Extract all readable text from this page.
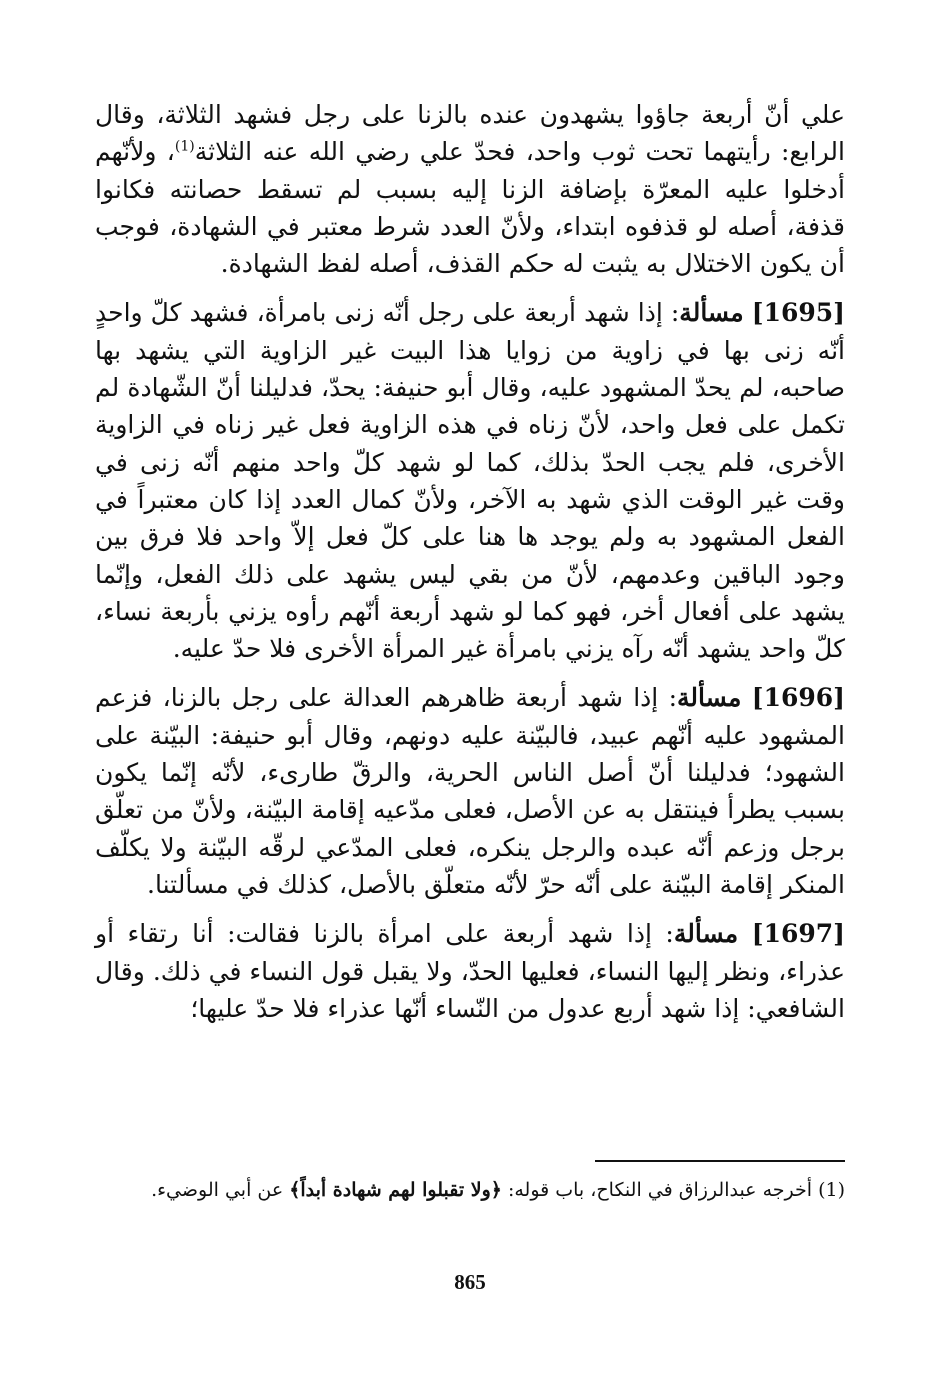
علي أنّ أربعة جاؤوا يشهدون عنده بالزنا على رجل فشهد الثلاثة، وقال الرابع: رأيتهما تحت ثوب واحد، فحدّ علي رضي الله عنه الثلاثة$^{(1)}$، ولأنّهم أدخلوا عليه المعرّة بإضافة الزنا إليه بسبب لم تسقط حصانته فكانوا قذفة، أصله لو قذفوه ابتداء، ولأنّ العدد شرط معتبر في الشهادة، فوجب أن يكون الاختلال به يثبت له حكم القذف، أصله لفظ الشهادة.

[1695] مسألة: إذا شهد أربعة على رجل أنّه زنى بامرأة، فشهد كلّ واحدٍ أنّه زنى بها في زاوية من زوايا هذا البيت غير الزاوية التي يشهد بها صاحبه، لم يحدّ المشهود عليه، وقال أبو حنيفة: يحدّ، فدليلنا أنّ الشّهادة لم تكمل على فعل واحد، لأنّ زناه في هذه الزاوية فعل غير زناه في الزاوية الأخرى، فلم يجب الحدّ بذلك، كما لو شهد كلّ واحد منهم أنّه زنى في وقت غير الوقت الذي شهد به الآخر، ولأنّ كمال العدد إذا كان معتبراً في الفعل المشهود به ولم يوجد ها هنا على كلّ فعل إلاّ واحد فلا فرق بين وجود الباقين وعدمهم، لأنّ من بقي ليس يشهد على ذلك الفعل، وإنّما يشهد على أفعال أخر، فهو كما لو شهد أربعة أنّهم رأوه يزني بأربعة نساء، كلّ واحد يشهد أنّه رآه يزني بامرأة غير المرأة الأخرى فلا حدّ عليه.

[1696] مسألة: إذا شهد أربعة ظاهرهم العدالة على رجل بالزنا، فزعم المشهود عليه أنّهم عبيد، فالبيّنة عليه دونهم، وقال أبو حنيفة: البيّنة على الشهود؛ فدليلنا أنّ أصل الناس الحرية، والرقّ طارىء، لأنّه إنّما يكون بسبب يطرأ فينتقل به عن الأصل، فعلى مدّعيه إقامة البيّنة، ولأنّ من تعلّق برجل وزعم أنّه عبده والرجل ينكره، فعلى المدّعي لرقّه البيّنة ولا يكلّف المنكر إقامة البيّنة على أنّه حرّ لأنّه متعلّق بالأصل، كذلك في مسألتنا.

[1697] مسألة: إذا شهد أربعة على امرأة بالزنا فقالت: أنا رتقاء أو عذراء، ونظر إليها النساء، فعليها الحدّ، ولا يقبل قول النساء في ذلك. وقال الشافعي: إذا شهد أربع عدول من النّساء أنّها عذراء فلا حدّ عليها؛

(1) أخرجه عبدالرزاق في النكاح، باب قوله: ﴿ولا تقبلوا لهم شهادة أبداً﴾ عن أبي الوضيء.
865
